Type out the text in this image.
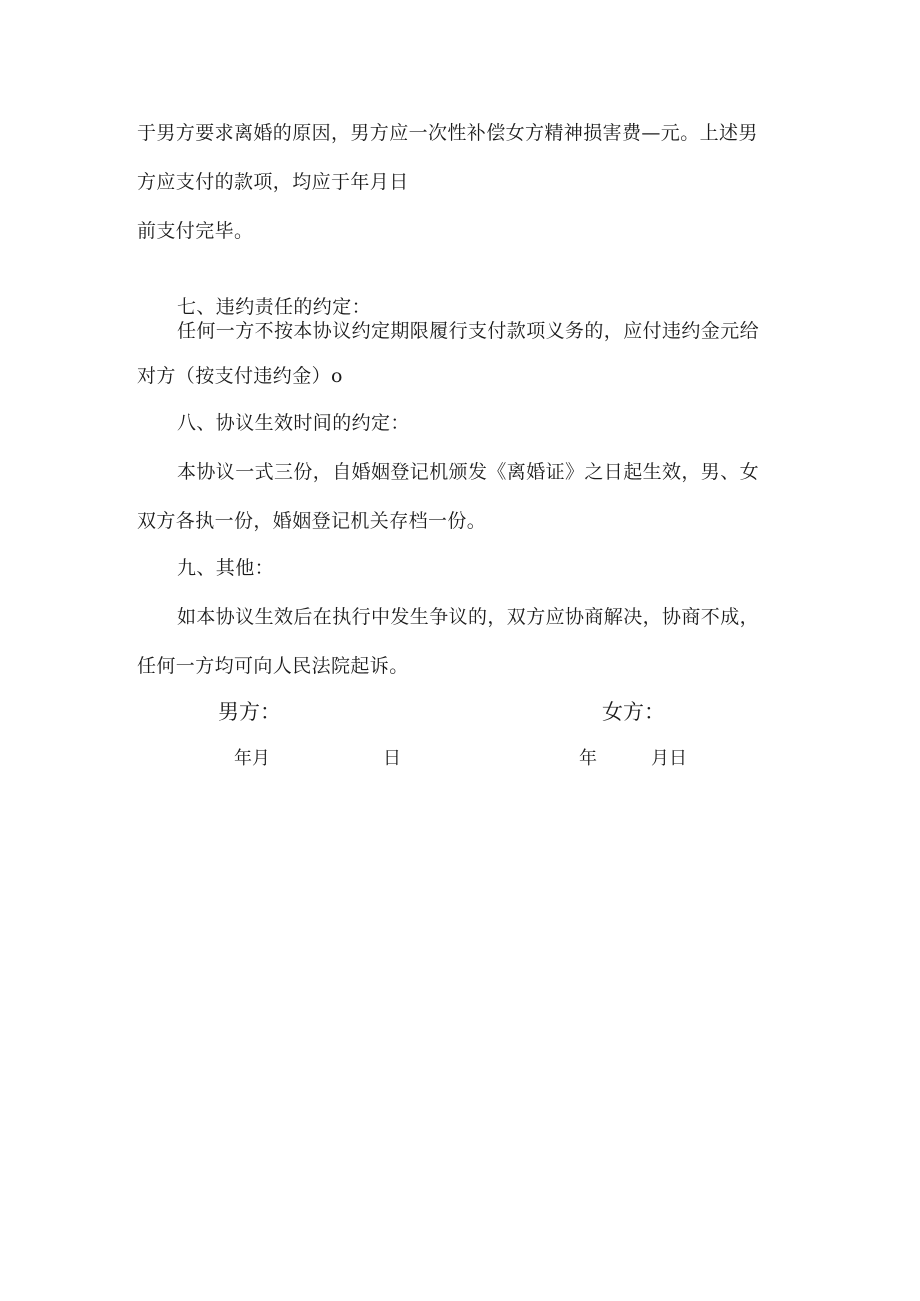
于男方要求离婚的原因，男方应一次性补偿女方精神损害费—元。上述男
方应支付的款项，均应于年月日
前支付完毕。
七、违约责任的约定：
任何一方不按本协议约定期限履行支付款项义务的，应付违约金元给
对方（按支付违约金）o
八、协议生效时间的约定：
本协议一式三份，自婚姻登记机颁发《离婚证》之日起生效，男、女
双方各执一份，婚姻登记机关存档一份。
九、其他：
如本协议生效后在执行中发生争议的，双方应协商解决，协商不成，
任何一方均可向人民法院起诉。
男方：	女方：
年月	日	年	月日
